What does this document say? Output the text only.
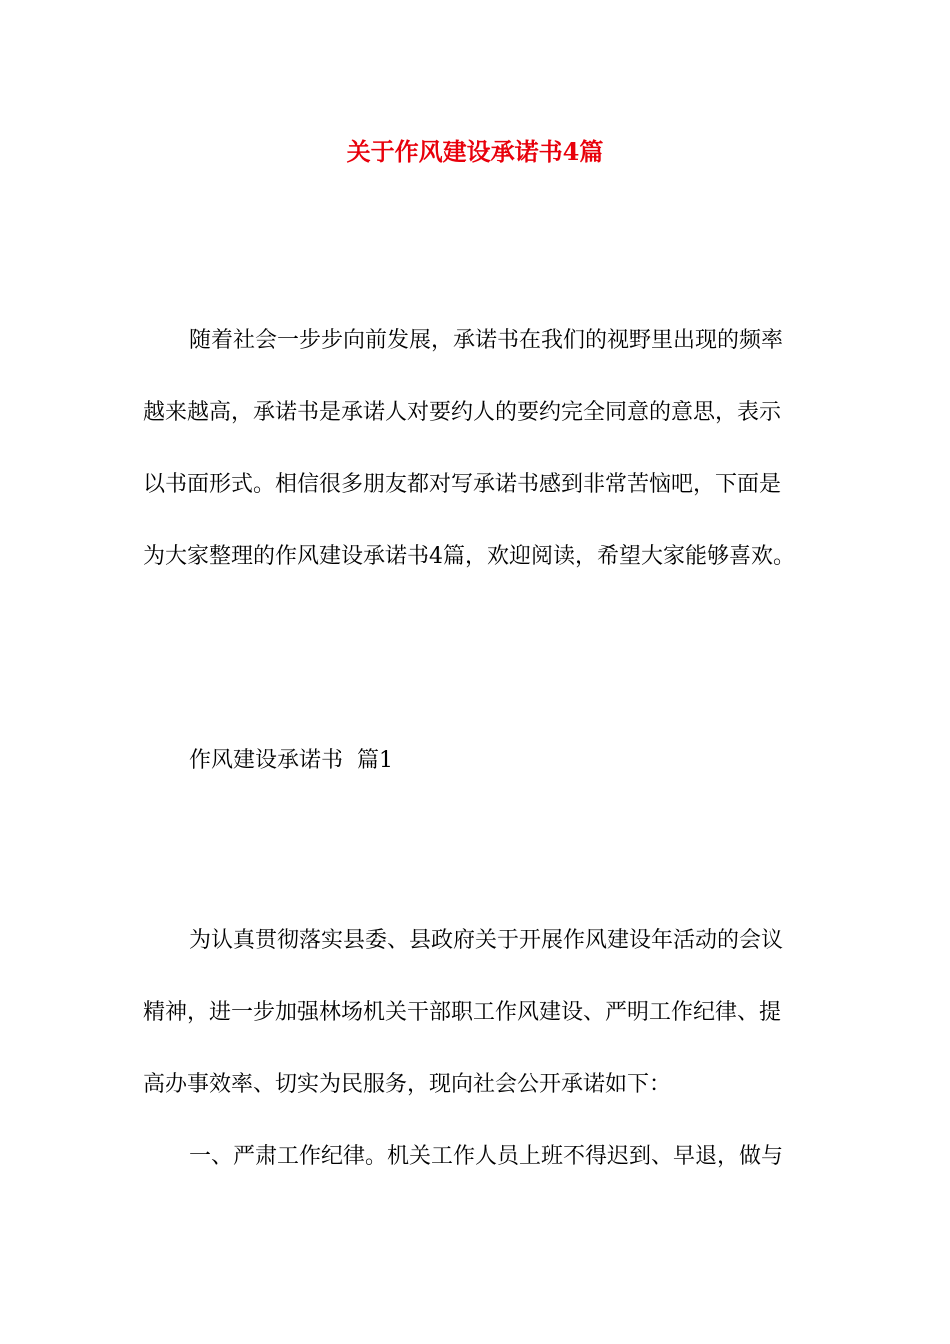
关于作风建设承诺书4篇
随着社会一步步向前发展，承诺书在我们的视野里出现的频率
越来越高，承诺书是承诺人对要约人的要约完全同意的意思，表示
以书面形式。相信很多朋友都对写承诺书感到非常苦恼吧，下面是
为大家整理的作风建设承诺书4篇，欢迎阅读，希望大家能够喜欢。
作风建设承诺书  篇1
为认真贯彻落实县委、县政府关于开展作风建设年活动的会议
精神，进一步加强林场机关干部职工作风建设、严明工作纪律、提
高办事效率、切实为民服务，现向社会公开承诺如下：
一、严肃工作纪律。机关工作人员上班不得迟到、早退，做与
